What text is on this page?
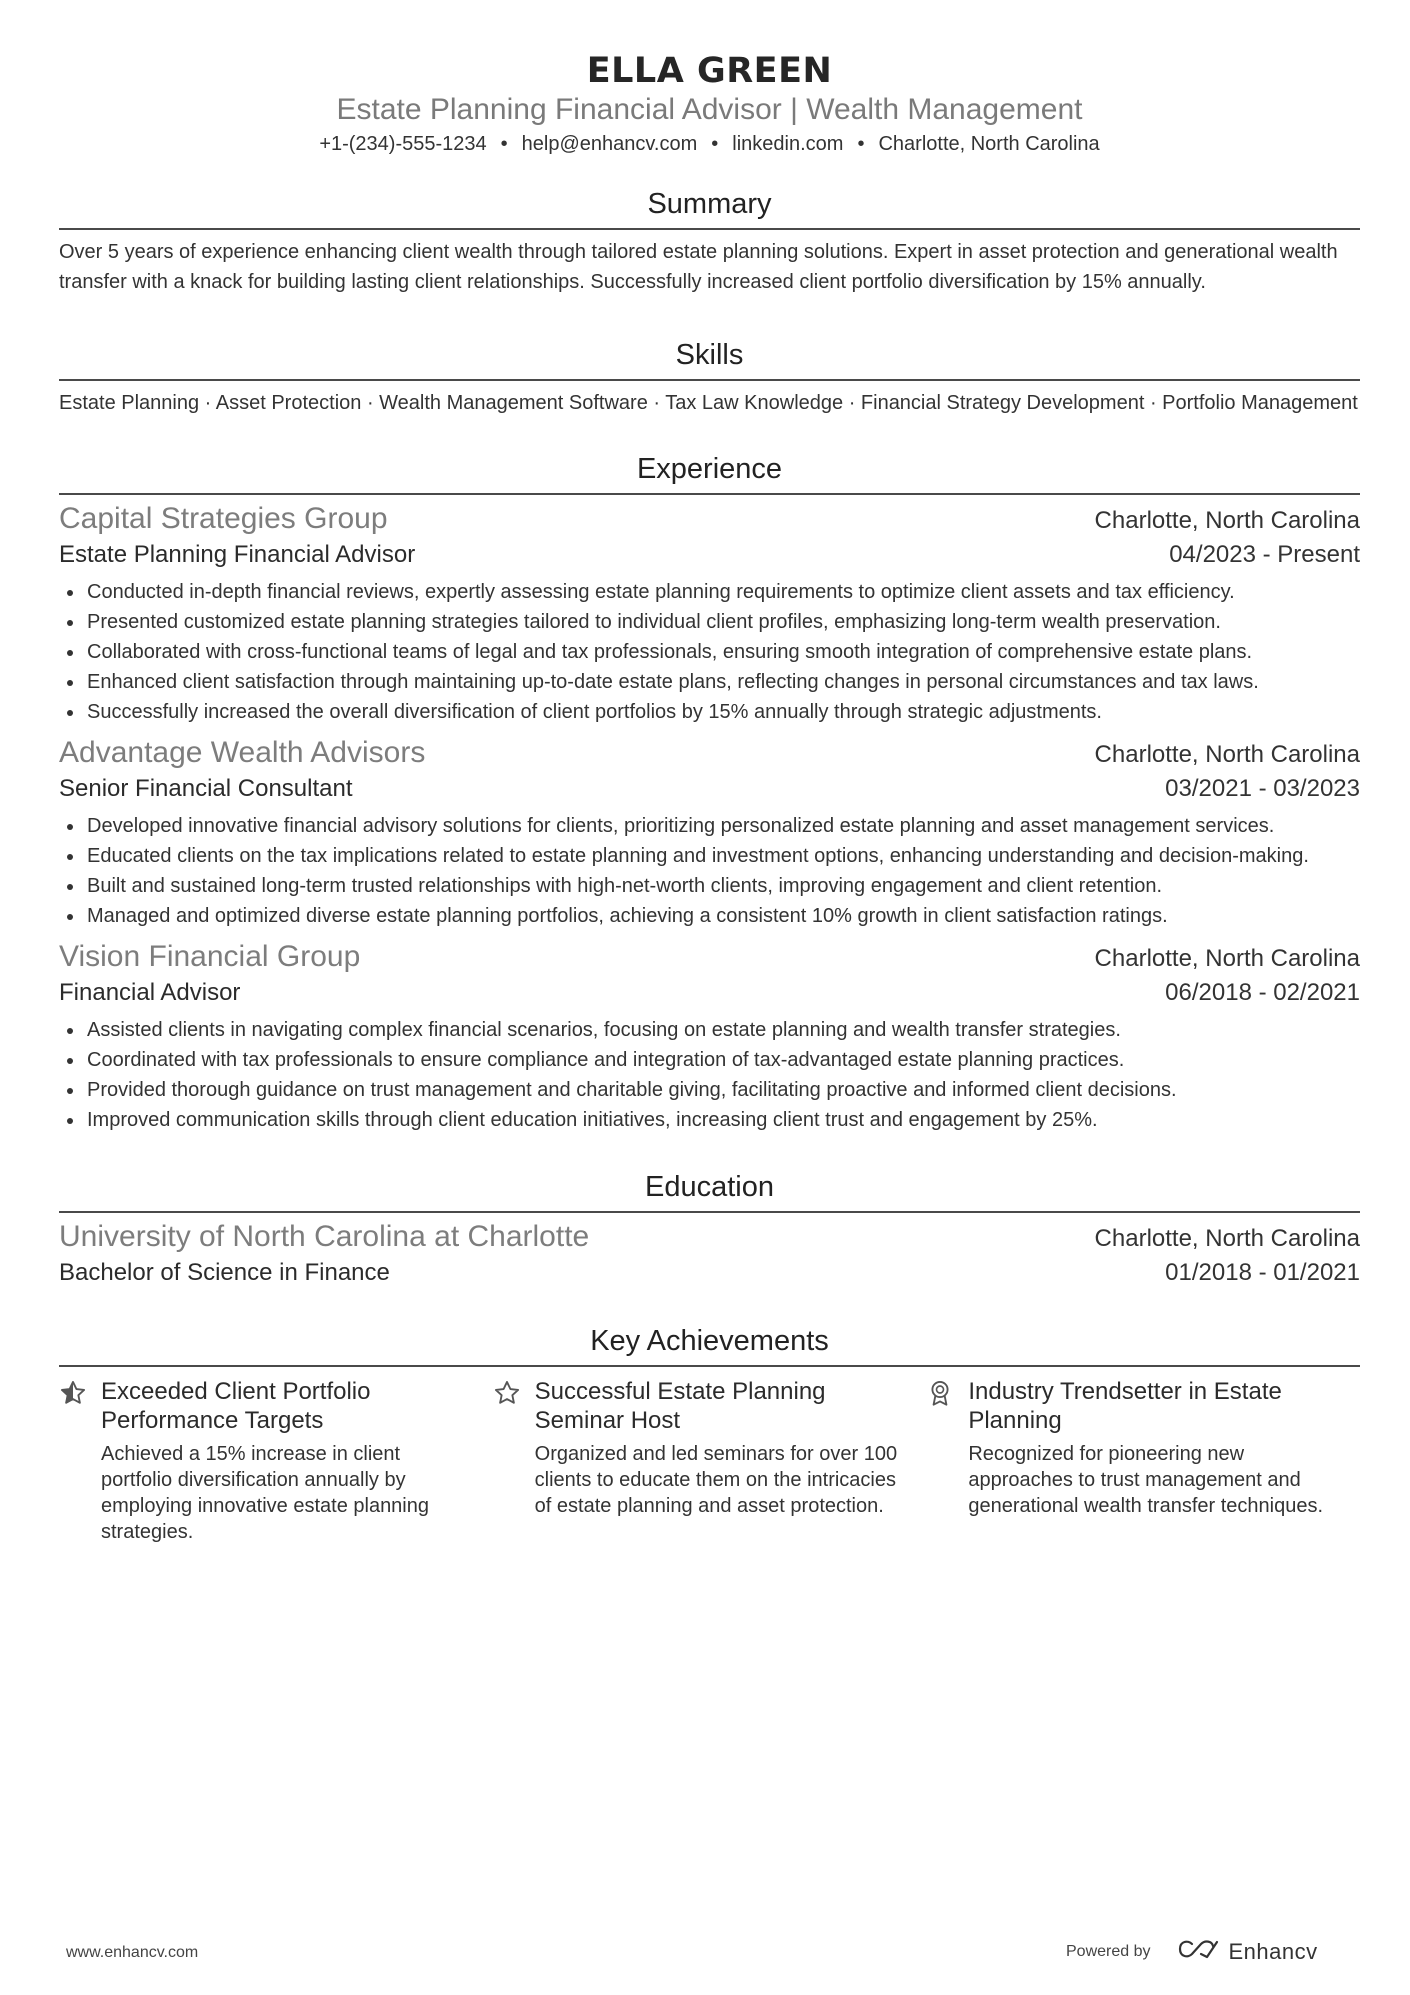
ELLA GREEN
Estate Planning Financial Advisor | Wealth Management
+1-(234)-555-1234 • help@enhancv.com • linkedin.com • Charlotte, North Carolina
Summary
Over 5 years of experience enhancing client wealth through tailored estate planning solutions. Expert in asset protection and generational wealth transfer with a knack for building lasting client relationships. Successfully increased client portfolio diversification by 15% annually.
Skills
Estate Planning · Asset Protection · Wealth Management Software · Tax Law Knowledge · Financial Strategy Development · Portfolio Management
Experience
Capital Strategies Group	Charlotte, North Carolina
Estate Planning Financial Advisor	04/2023 - Present
Conducted in-depth financial reviews, expertly assessing estate planning requirements to optimize client assets and tax efficiency.
Presented customized estate planning strategies tailored to individual client profiles, emphasizing long-term wealth preservation.
Collaborated with cross-functional teams of legal and tax professionals, ensuring smooth integration of comprehensive estate plans.
Enhanced client satisfaction through maintaining up-to-date estate plans, reflecting changes in personal circumstances and tax laws.
Successfully increased the overall diversification of client portfolios by 15% annually through strategic adjustments.
Advantage Wealth Advisors	Charlotte, North Carolina
Senior Financial Consultant	03/2021 - 03/2023
Developed innovative financial advisory solutions for clients, prioritizing personalized estate planning and asset management services.
Educated clients on the tax implications related to estate planning and investment options, enhancing understanding and decision-making.
Built and sustained long-term trusted relationships with high-net-worth clients, improving engagement and client retention.
Managed and optimized diverse estate planning portfolios, achieving a consistent 10% growth in client satisfaction ratings.
Vision Financial Group	Charlotte, North Carolina
Financial Advisor	06/2018 - 02/2021
Assisted clients in navigating complex financial scenarios, focusing on estate planning and wealth transfer strategies.
Coordinated with tax professionals to ensure compliance and integration of tax-advantaged estate planning practices.
Provided thorough guidance on trust management and charitable giving, facilitating proactive and informed client decisions.
Improved communication skills through client education initiatives, increasing client trust and engagement by 25%.
Education
University of North Carolina at Charlotte	Charlotte, North Carolina
Bachelor of Science in Finance	01/2018 - 01/2021
Key Achievements
Exceeded Client Portfolio Performance Targets
Achieved a 15% increase in client portfolio diversification annually by employing innovative estate planning strategies.
Successful Estate Planning Seminar Host
Organized and led seminars for over 100 clients to educate them on the intricacies of estate planning and asset protection.
Industry Trendsetter in Estate Planning
Recognized for pioneering new approaches to trust management and generational wealth transfer techniques.
www.enhancv.com	Powered by	Enhancv
